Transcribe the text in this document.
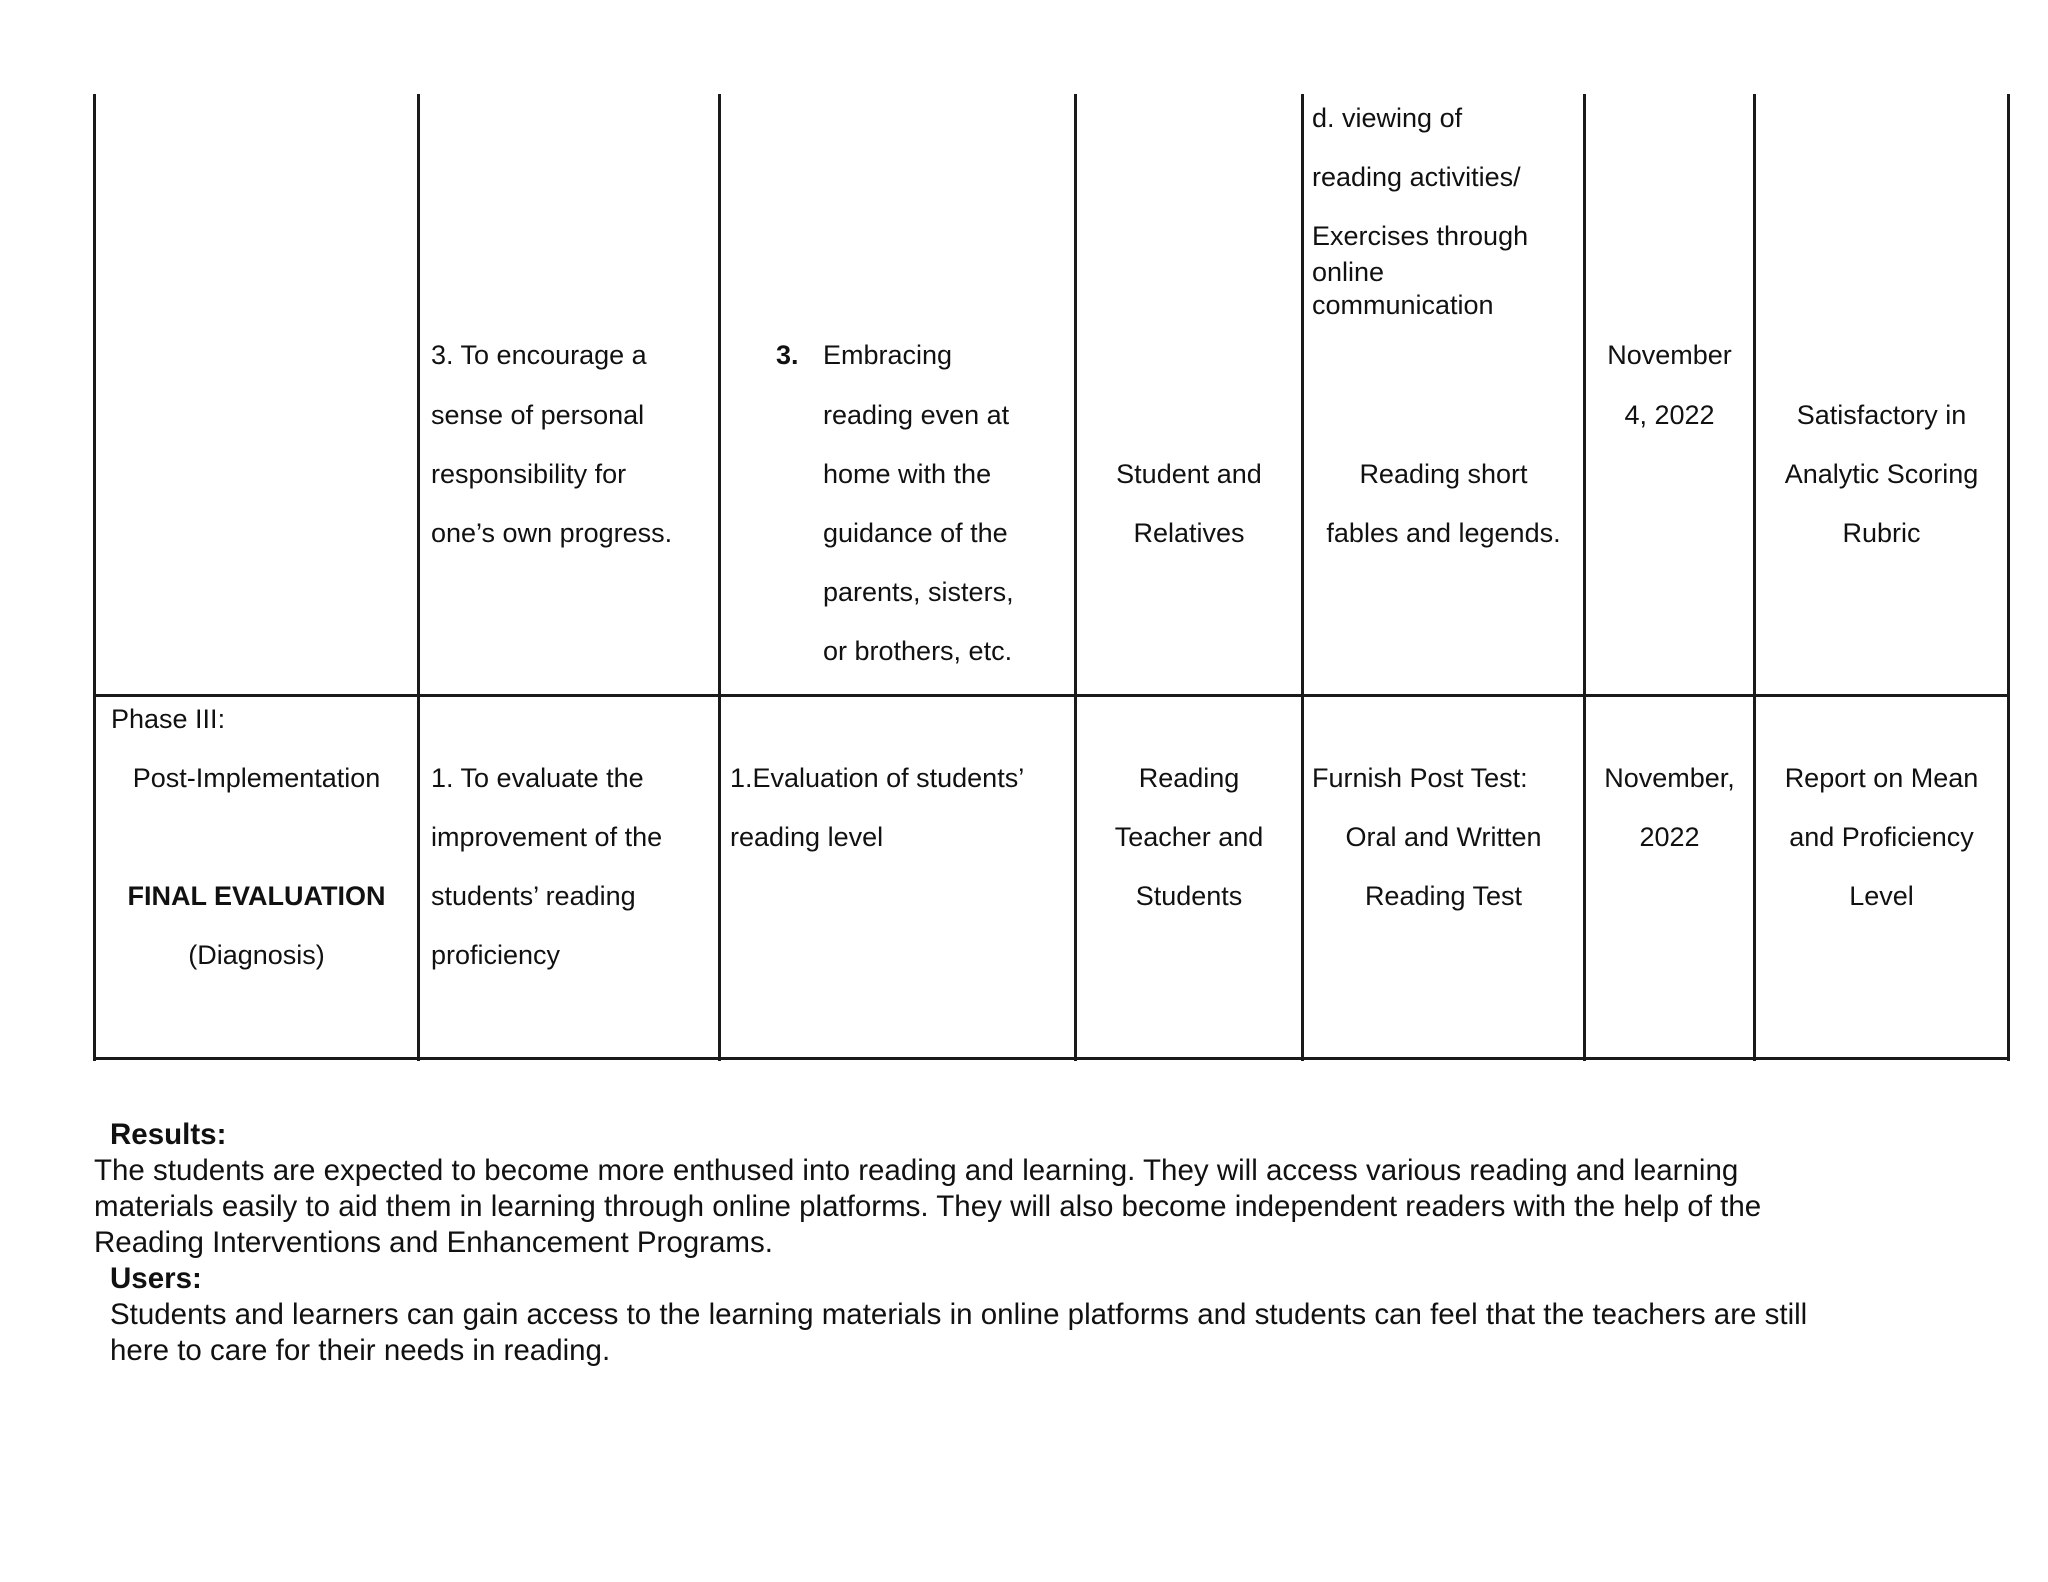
d. viewing of
reading activities/
Exercises through
online
communication
3. To encourage a
sense of personal
responsibility for
one’s own progress.
3. Embracing
reading even at
home with the
guidance of the
parents, sisters,
or brothers, etc.
Student and
Relatives
Reading short
fables and legends.
November
4, 2022	Satisfactory in
Analytic Scoring
Rubric
Phase III:
Post-Implementation
FINAL EVALUATION
(Diagnosis)
1. To evaluate the
improvement of the
students’ reading
proficiency
1.Evaluation of students’
reading level
Reading
Teacher and
Students
Furnish Post Test:
Oral and Written
Reading Test
November,
2022
Report on Mean
and Proficiency
Level
Results:
The students are expected to become more enthused into reading and learning. They will access various reading and learning
materials easily to aid them in learning through online platforms. They will also become independent readers with the help of the
Reading Interventions and Enhancement Programs.
Users:
Students and learners can gain access to the learning materials in online platforms and students can feel that the teachers are still
here to care for their needs in reading.
